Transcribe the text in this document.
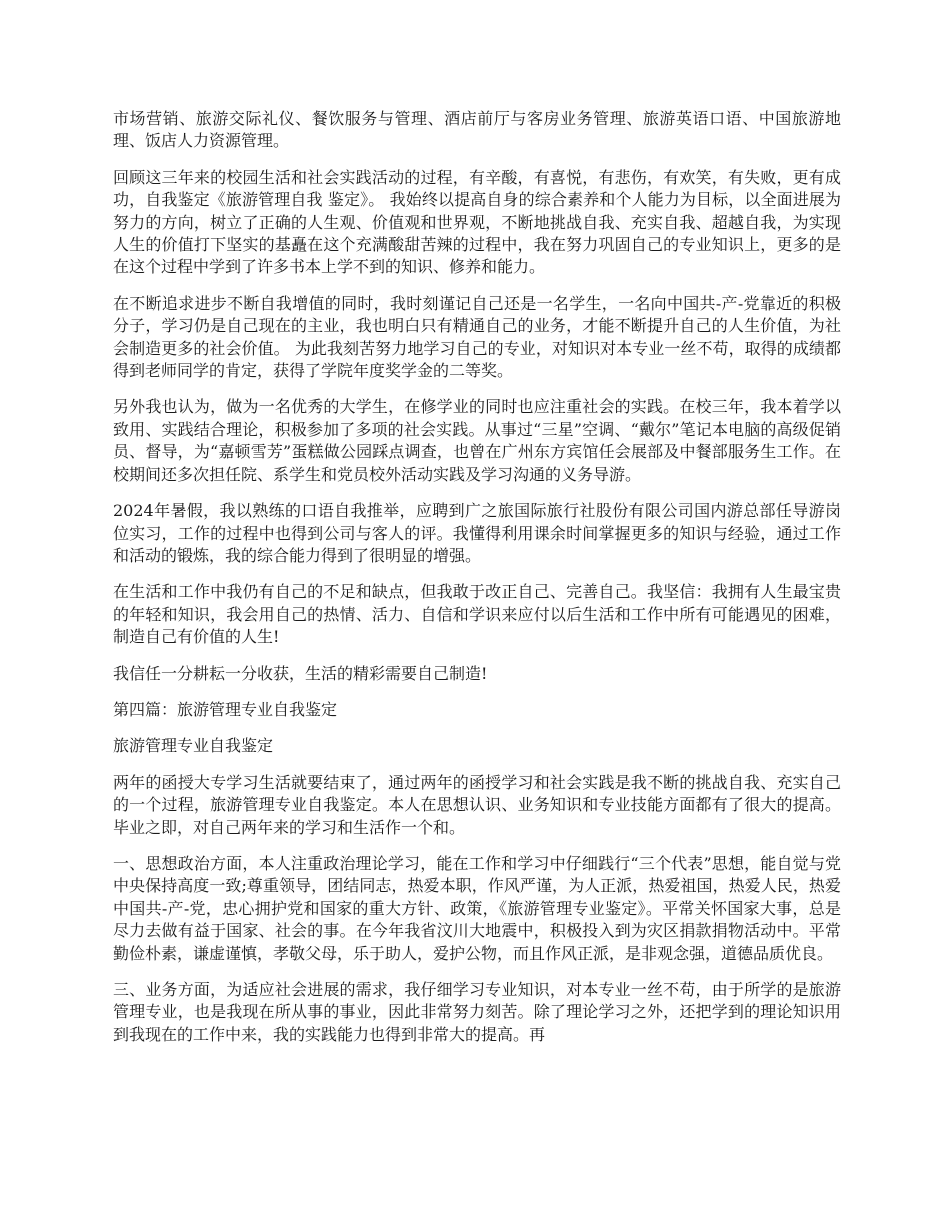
市场营销、旅游交际礼仪、餐饮服务与管理、酒店前厅与客房业务管理、旅游英语口语、中国旅游地理、饭店人力资源管理。

回顾这三年来的校园生活和社会实践活动的过程，有辛酸，有喜悦，有悲伤，有欢笑，有失败，更有成功，自我鉴定《旅游管理自我 鉴定》。 我始终以提高自身的综合素养和个人能力为目标，以全面进展为努力的方向，树立了正确的人生观、价值观和世界观，不断地挑战自我、充实自我、超越自我，为实现人生的价值打下坚实的基矗在这个充满酸甜苦辣的过程中，我在努力巩固自己的专业知识上，更多的是在这个过程中学到了许多书本上学不到的知识、修养和能力。

在不断追求进步不断自我增值的同时，我时刻谨记自己还是一名学生，一名向中国共-产-党靠近的积极分子，学习仍是自己现在的主业，我也明白只有精通自己的业务，才能不断提升自己的人生价值，为社会制造更多的社会价值。 为此我刻苦努力地学习自己的专业，对知识对本专业一丝不苟，取得的成绩都得到老师同学的肯定，获得了学院年度奖学金的二等奖。

另外我也认为，做为一名优秀的大学生，在修学业的同时也应注重社会的实践。在校三年，我本着学以致用、实践结合理论，积极参加了多项的社会实践。从事过“三星”空调、“戴尔”笔记本电脑的高级促销员、督导，为“嘉顿雪芳”蛋糕做公园踩点调查，也曾在广州东方宾馆任会展部及中餐部服务生工作。在校期间还多次担任院、系学生和党员校外活动实践及学习沟通的义务导游。

2024年暑假，我以熟练的口语自我推举，应聘到广之旅国际旅行社股份有限公司国内游总部任导游岗位实习，工作的过程中也得到公司与客人的评。我懂得利用课余时间掌握更多的知识与经验，通过工作和活动的锻炼，我的综合能力得到了很明显的增强。

在生活和工作中我仍有自己的不足和缺点，但我敢于改正自己、完善自己。我坚信：我拥有人生最宝贵的年轻和知识，我会用自己的热情、活力、自信和学识来应付以后生活和工作中所有可能遇见的困难，制造自己有价值的人生!

我信任一分耕耘一分收获，生活的精彩需要自己制造!

第四篇：旅游管理专业自我鉴定

旅游管理专业自我鉴定

两年的函授大专学习生活就要结束了，通过两年的函授学习和社会实践是我不断的挑战自我、充实自己的一个过程，旅游管理专业自我鉴定。本人在思想认识、业务知识和专业技能方面都有了很大的提高。毕业之即，对自己两年来的学习和生活作一个和。

一、思想政治方面，本人注重政治理论学习，能在工作和学习中仔细践行“三个代表”思想，能自觉与党中央保持高度一致;尊重领导，团结同志，热爱本职，作风严谨，为人正派，热爱祖国，热爱人民，热爱中国共-产-党，忠心拥护党和国家的重大方针、政策，《旅游管理专业鉴定》。平常关怀国家大事，总是尽力去做有益于国家、社会的事。在今年我省汶川大地震中，积极投入到为灾区捐款捐物活动中。平常勤俭朴素，谦虚谨慎，孝敬父母，乐于助人，爱护公物，而且作风正派，是非观念强，道德品质优良。

三、业务方面，为适应社会进展的需求，我仔细学习专业知识，对本专业一丝不苟，由于所学的是旅游管理专业，也是我现在所从事的事业，因此非常努力刻苦。除了理论学习之外，还把学到的理论知识用到我现在的工作中来，我的实践能力也得到非常大的提高。再
